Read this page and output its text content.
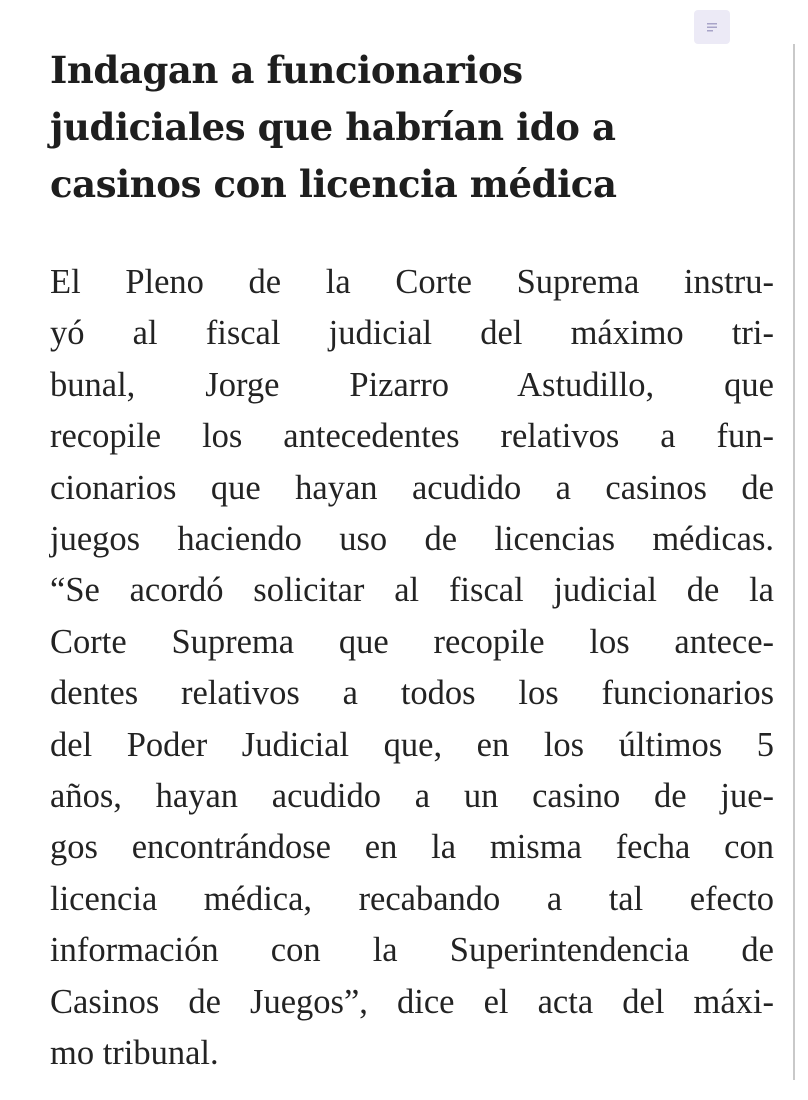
Indagan a funcionarios
judiciales que habrían ido a
casinos con licencia médica
El Pleno de la Corte Suprema instru-
yó al fiscal judicial del máximo tri-
bunal, Jorge Pizarro Astudillo, que
recopile los antecedentes relativos a fun-
cionarios que hayan acudido a casinos de
juegos haciendo uso de licencias médicas.
“Se acordó solicitar al fiscal judicial de la
Corte Suprema que recopile los antece-
dentes relativos a todos los funcionarios
del Poder Judicial que, en los últimos 5
años, hayan acudido a un casino de jue-
gos encontrándose en la misma fecha con
licencia médica, recabando a tal efecto
información con la Superintendencia de
Casinos de Juegos”, dice el acta del máxi-
mo tribunal.
